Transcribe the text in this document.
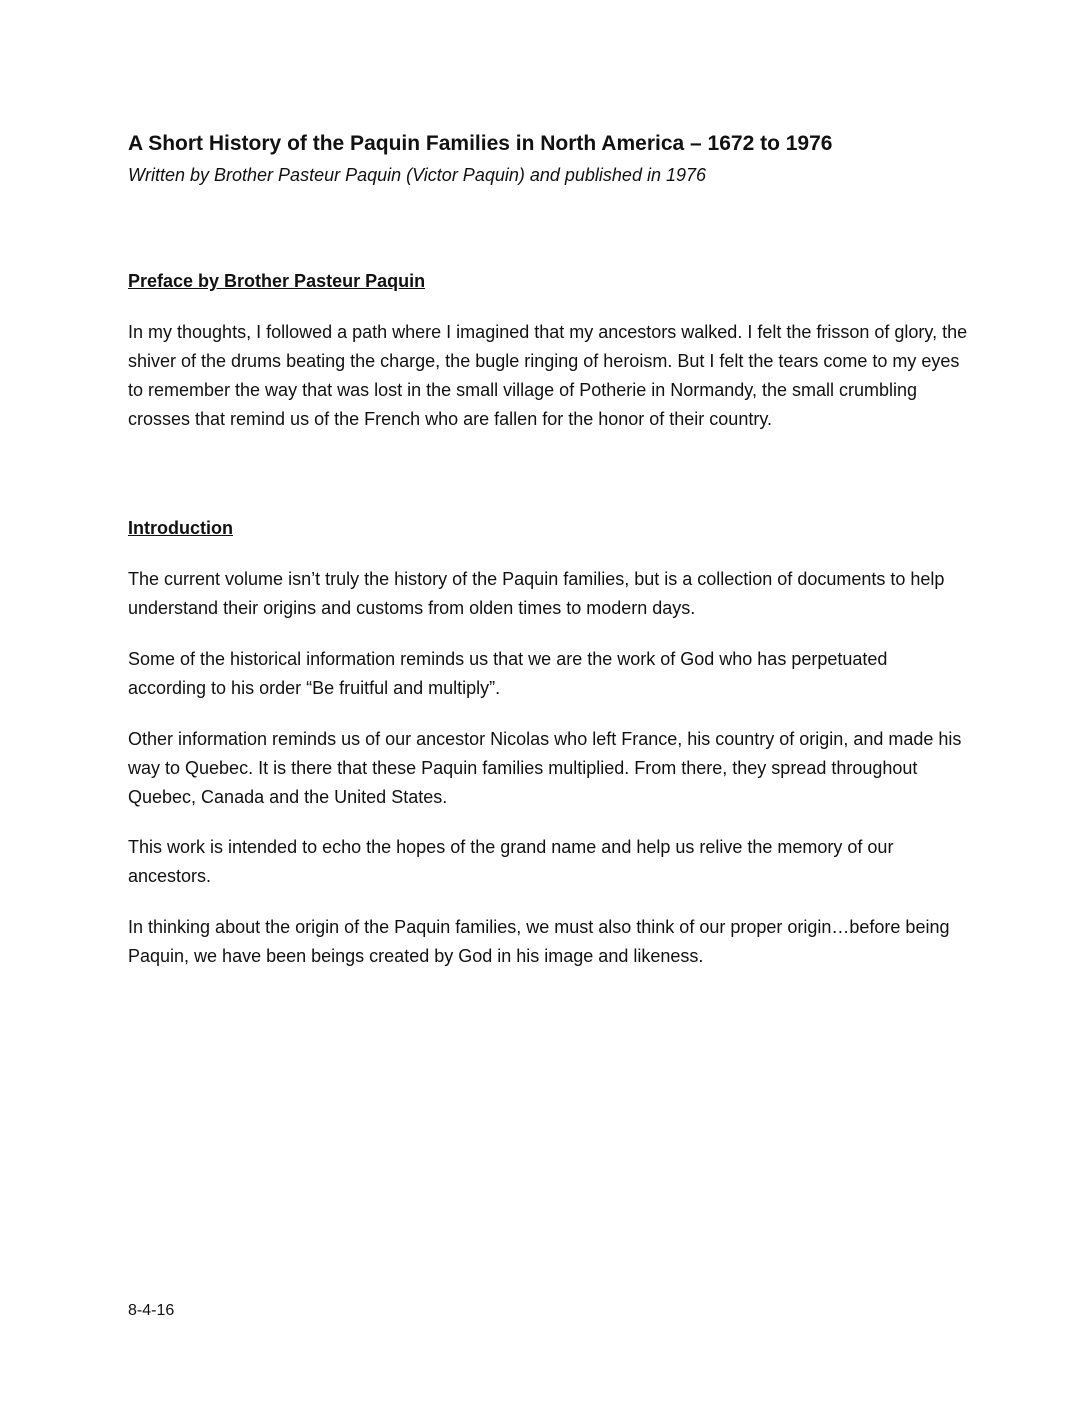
A Short History of the Paquin Families in North America – 1672 to 1976
Written by Brother Pasteur Paquin (Victor Paquin) and published in 1976
Preface by Brother Pasteur Paquin
In my thoughts, I followed a path where I imagined that my ancestors walked. I felt the frisson of glory, the shiver of the drums beating the charge, the bugle ringing of heroism. But I felt the tears come to my eyes to remember the way that was lost in the small village of Potherie in Normandy, the small crumbling crosses that remind us of the French who are fallen for the honor of their country.
Introduction
The current volume isn’t truly the history of the Paquin families, but is a collection of documents to help understand their origins and customs from olden times to modern days.
Some of the historical information reminds us that we are the work of God who has perpetuated according to his order “Be fruitful and multiply”.
Other information reminds us of our ancestor Nicolas who left France, his country of origin, and made his way to Quebec. It is there that these Paquin families multiplied. From there, they spread throughout Quebec, Canada and the United States.
This work is intended to echo the hopes of the grand name and help us relive the memory of our ancestors.
In thinking about the origin of the Paquin families, we must also think of our proper origin…before being Paquin, we have been beings created by God in his image and likeness.
8-4-16
